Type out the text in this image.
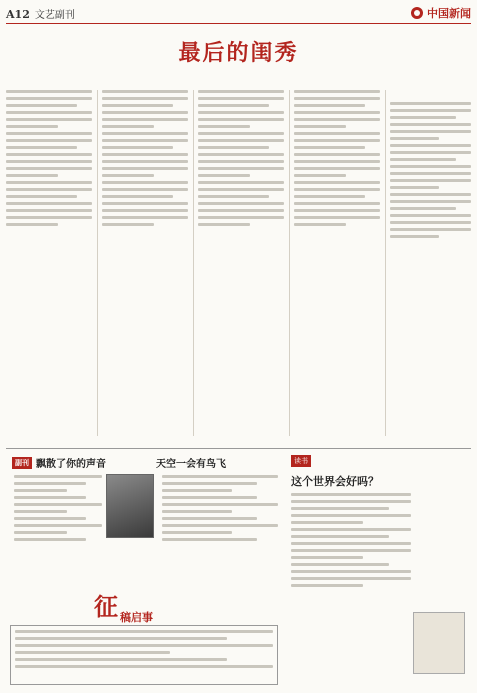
A12 文艺副刊	中国新闻
最后的闺秀
副刊 飘散了你的声音	天空一会有鸟飞
征 稿启事
读书
这个世界会好吗？
